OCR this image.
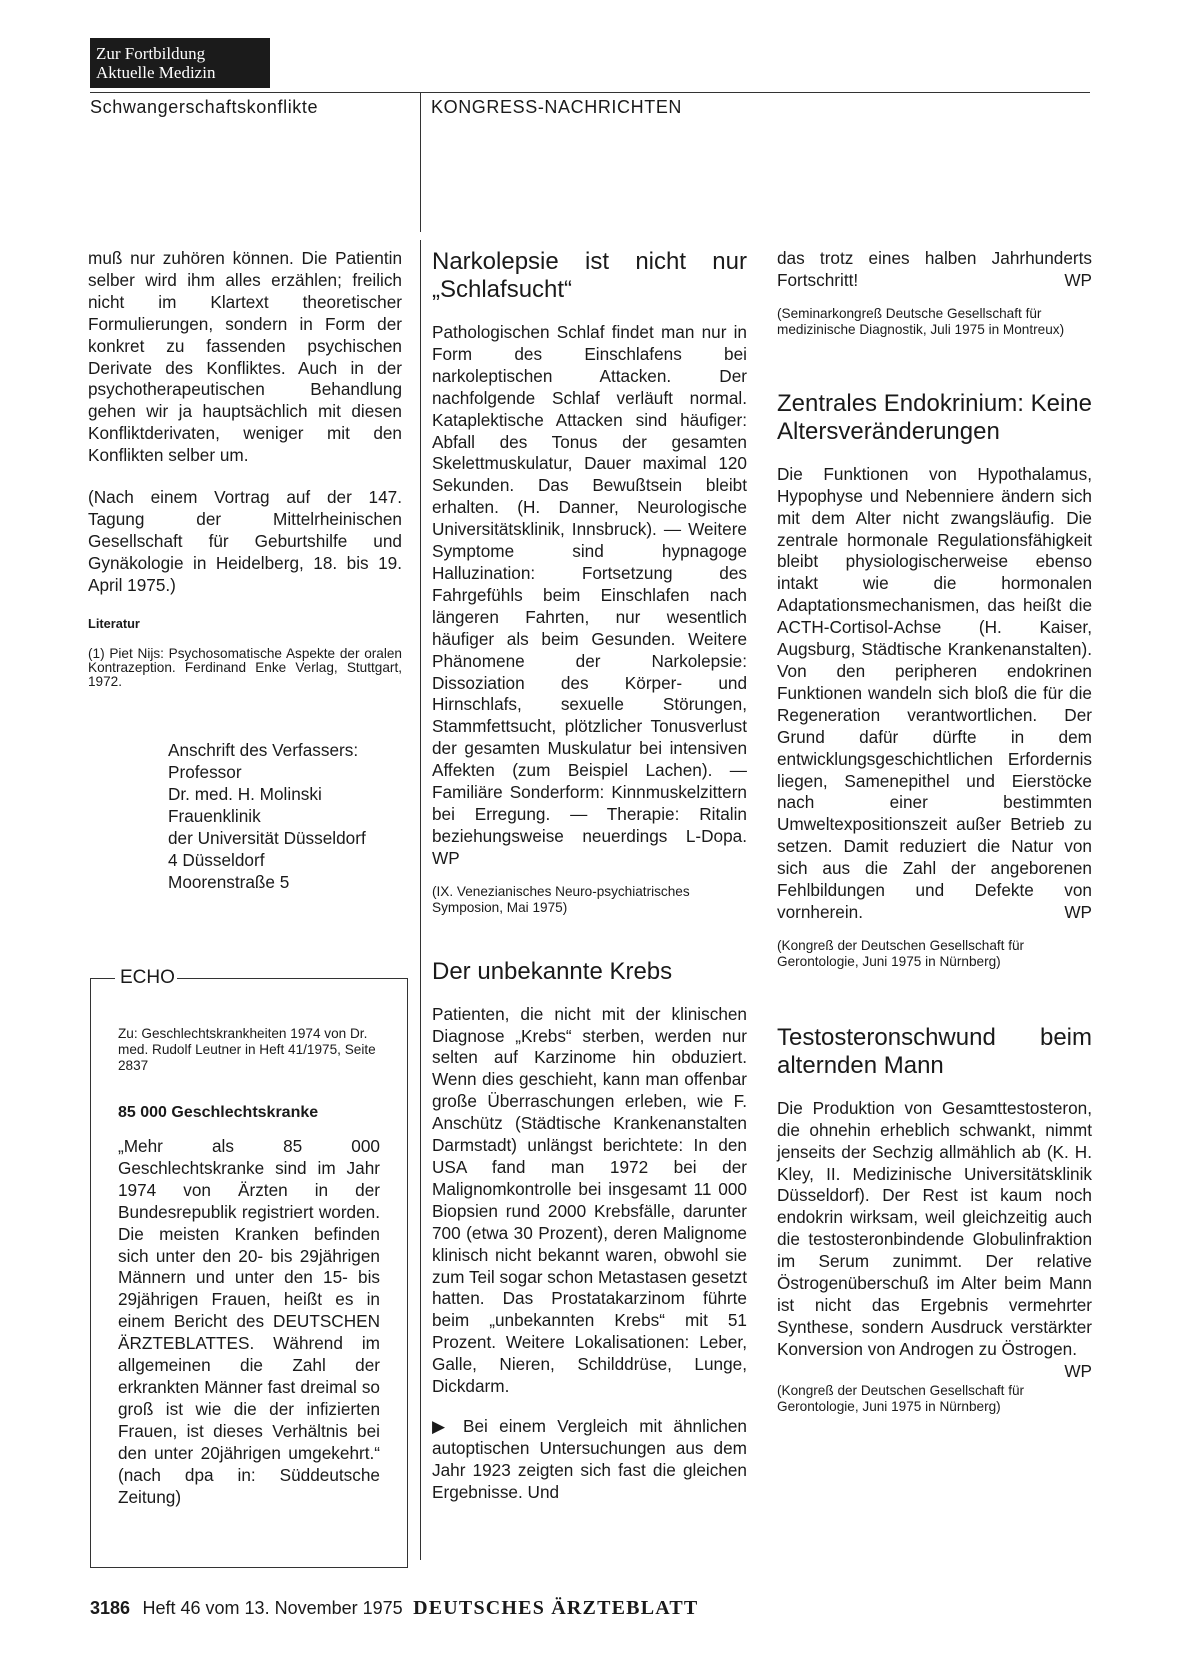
Zur Fortbildung
Aktuelle Medizin
Schwangerschaftskonflikte	KONGRESS-NACHRICHTEN

muß nur zuhören können. Die Patientin selber wird ihm alles erzählen; freilich nicht im Klartext theoretischer Formulierungen, sondern in Form der konkret zu fassenden psychischen Derivate des Konfliktes. Auch in der psychotherapeutischen Behandlung gehen wir ja hauptsächlich mit diesen Konfliktderivaten, weniger mit den Konflikten selber um.

(Nach einem Vortrag auf der 147. Tagung der Mittelrheinischen Gesellschaft für Geburtshilfe und Gynäkologie in Heidelberg, 18. bis 19. April 1975.)

Literatur
(1) Piet Nijs: Psychosomatische Aspekte der oralen Kontrazeption. Ferdinand Enke Verlag, Stuttgart, 1972.
Anschrift des Verfassers:
Professor
Dr. med. H. Molinski
Frauenklinik
der Universität Düsseldorf
4 Düsseldorf
Moorenstraße 5
ECHO
Zu: Geschlechtskrankheiten 1974 von Dr. med. Rudolf Leutner in Heft 41/1975, Seite 2837
85 000 Geschlechtskranke
„Mehr als 85 000 Geschlechtskranke sind im Jahr 1974 von Ärzten in der Bundesrepublik registriert worden. Die meisten Kranken befinden sich unter den 20- bis 29jährigen Männern und unter den 15- bis 29jährigen Frauen, heißt es in einem Bericht des DEUTSCHEN ÄRZTEBLATTES. Während im allgemeinen die Zahl der erkrankten Männer fast dreimal so groß ist wie die der infizierten Frauen, ist dieses Verhältnis bei den unter 20jährigen umgekehrt.“ (nach dpa in: Süddeutsche Zeitung)
Narkolepsie ist nicht nur „Schlafsucht“

Pathologischen Schlaf findet man nur in Form des Einschlafens bei narkoleptischen Attacken. Der nachfolgende Schlaf verläuft normal. Kataplektische Attacken sind häufiger: Abfall des Tonus der gesamten Skelettmuskulatur, Dauer maximal 120 Sekunden. Das Bewußtsein bleibt erhalten. (H. Danner, Neurologische Universitätsklinik, Innsbruck). — Weitere Symptome sind hypnagoge Halluzination: Fortsetzung des Fahrgefühls beim Einschlafen nach längeren Fahrten, nur wesentlich häufiger als beim Gesunden. Weitere Phänomene der Narkolepsie: Dissoziation des Körper- und Hirnschlafs, sexuelle Störungen, Stammfettsucht, plötzlicher Tonusverlust der gesamten Muskulatur bei intensiven Affekten (zum Beispiel Lachen). — Familiäre Sonderform: Kinnmuskelzittern bei Erregung. — Therapie: Ritalin beziehungsweise neuerdings L-Dopa. WP

(IX. Venezianisches Neuro-psychiatrisches Symposion, Mai 1975)

Der unbekannte Krebs

Patienten, die nicht mit der klinischen Diagnose „Krebs“ sterben, werden nur selten auf Karzinome hin obduziert. Wenn dies geschieht, kann man offenbar große Überraschungen erleben, wie F. Anschütz (Städtische Krankenanstalten Darmstadt) unlängst berichtete: In den USA fand man 1972 bei der Malignomkontrolle bei insgesamt 11 000 Biopsien rund 2000 Krebsfälle, darunter 700 (etwa 30 Prozent), deren Malignome klinisch nicht bekannt waren, obwohl sie zum Teil sogar schon Metastasen gesetzt hatten. Das Prostatakarzinom führte beim „unbekannten Krebs“ mit 51 Prozent. Weitere Lokalisationen: Leber, Galle, Nieren, Schilddrüse, Lunge, Dickdarm.

▶ Bei einem Vergleich mit ähnlichen autoptischen Untersuchungen aus dem Jahr 1923 zeigten sich fast die gleichen Ergebnisse. Und

das trotz eines halben Jahrhunderts Fortschritt!	WP

(Seminarkongreß Deutsche Gesellschaft für medizinische Diagnostik, Juli 1975 in Montreux)

Zentrales Endokrinium: Keine Altersveränderungen

Die Funktionen von Hypothalamus, Hypophyse und Nebenniere ändern sich mit dem Alter nicht zwangsläufig. Die zentrale hormonale Regulationsfähigkeit bleibt physiologischerweise ebenso intakt wie die hormonalen Adaptationsmechanismen, das heißt die ACTH-Cortisol-Achse (H. Kaiser, Augsburg, Städtische Krankenanstalten). Von den peripheren endokrinen Funktionen wandeln sich bloß die für die Regeneration verantwortlichen. Der Grund dafür dürfte in dem entwicklungsgeschichtlichen Erfordernis liegen, Samenepithel und Eierstöcke nach einer bestimmten Umweltexpositionszeit außer Betrieb zu setzen. Damit reduziert die Natur von sich aus die Zahl der angeborenen Fehlbildungen und Defekte von vornherein.	WP

(Kongreß der Deutschen Gesellschaft für Gerontologie, Juni 1975 in Nürnberg)

Testosteronschwund beim alternden Mann

Die Produktion von Gesamttestosteron, die ohnehin erheblich schwankt, nimmt jenseits der Sechzig allmählich ab (K. H. Kley, II. Medizinische Universitätsklinik Düsseldorf). Der Rest ist kaum noch endokrin wirksam, weil gleichzeitig auch die testosteronbindende Globulinfraktion im Serum zunimmt. Der relative Östrogenüberschuß im Alter beim Mann ist nicht das Ergebnis vermehrter Synthese, sondern Ausdruck verstärkter Konversion von Androgen zu Östrogen.
WP

(Kongreß der Deutschen Gesellschaft für Gerontologie, Juni 1975 in Nürnberg)

3186 Heft 46 vom 13. November 1975 DEUTSCHES ÄRZTEBLATT
